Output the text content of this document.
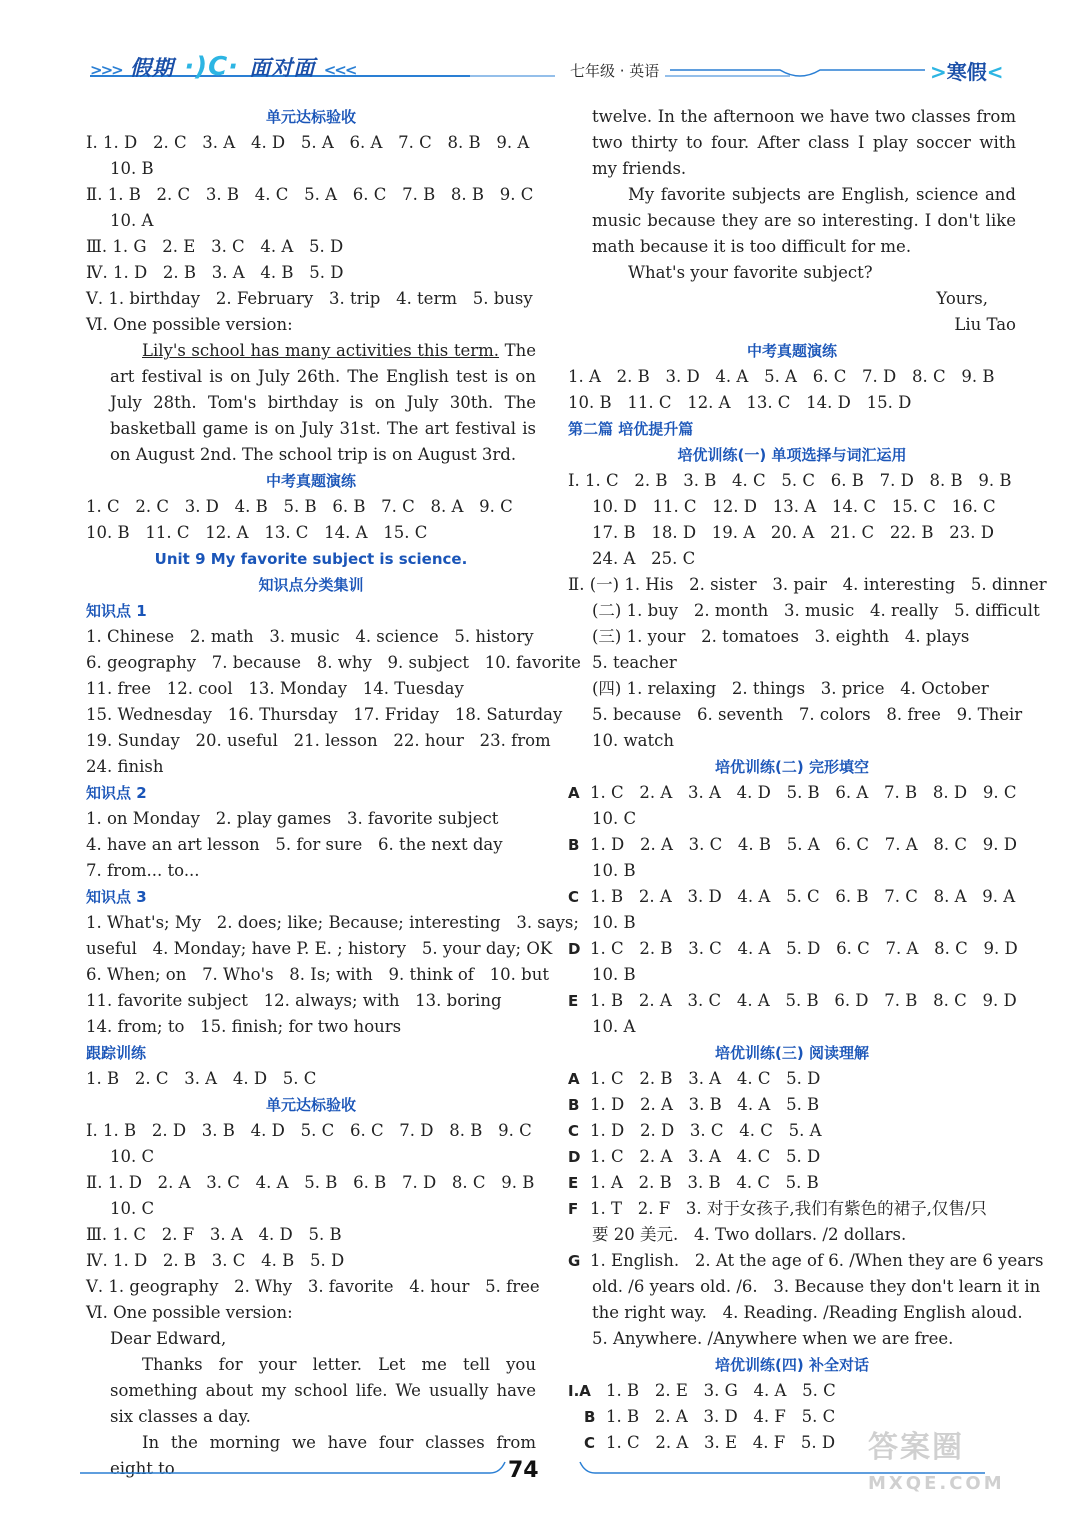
>>> 假期 ·)C· 面对面 <<<	七年级 · 英语	>寒假<
单元达标验收
Ⅰ. 1. D   2. C   3. A   4. D   5. A   6. A   7. C   8. B   9. A
10. B
Ⅱ. 1. B   2. C   3. B   4. C   5. A   6. C   7. B   8. B   9. C
10. A
Ⅲ. 1. G   2. E   3. C   4. A   5. D
Ⅳ. 1. D   2. B   3. A   4. B   5. D
Ⅴ. 1. birthday   2. February   3. trip   4. term   5. busy
Ⅵ. One possible version:
Lily's school has many activities this term. The art festival is on July 26th. The English test is on July 28th. Tom's birthday is on July 30th. The basketball game is on July 31st. The art festival is on August 2nd. The school trip is on August 3rd.
中考真题演练
1. C   2. C   3. D   4. B   5. B   6. B   7. C   8. A   9. C
10. B   11. C   12. A   13. C   14. A   15. C
Unit 9 My favorite subject is science.
知识点分类集训
知识点 1
1. Chinese   2. math   3. music   4. science   5. history
6. geography   7. because   8. why   9. subject   10. favorite
11. free   12. cool   13. Monday   14. Tuesday
15. Wednesday   16. Thursday   17. Friday   18. Saturday
19. Sunday   20. useful   21. lesson   22. hour   23. from
24. finish
知识点 2
1. on Monday   2. play games   3. favorite subject
4. have an art lesson   5. for sure   6. the next day
7. from... to...
知识点 3
1. What's; My   2. does; like; Because; interesting   3. says;
useful   4. Monday; have P. E. ; history   5. your day; OK
6. When; on   7. Who's   8. Is; with   9. think of   10. but
11. favorite subject   12. always; with   13. boring
14. from; to   15. finish; for two hours
跟踪训练
1. B   2. C   3. A   4. D   5. C
单元达标验收
Ⅰ. 1. B   2. D   3. B   4. D   5. C   6. C   7. D   8. B   9. C
10. C
Ⅱ. 1. D   2. A   3. C   4. A   5. B   6. B   7. D   8. C   9. B
10. C
Ⅲ. 1. C   2. F   3. A   4. D   5. B
Ⅳ. 1. D   2. B   3. C   4. B   5. D
Ⅴ. 1. geography   2. Why   3. favorite   4. hour   5. free
Ⅵ. One possible version:
Dear Edward,
Thanks for your letter. Let me tell you something about my school life. We usually have six classes a day.
In the morning we have four classes from eight to
twelve. In the afternoon we have two classes from two thirty to four. After class I play soccer with my friends.
My favorite subjects are English, science and music because they are so interesting. I don't like math because it is too difficult for me.
What's your favorite subject?
Yours,
Liu Tao
中考真题演练
1. A   2. B   3. D   4. A   5. A   6. C   7. D   8. C   9. B
10. B   11. C   12. A   13. C   14. D   15. D
第二篇 培优提升篇
培优训练(一) 单项选择与词汇运用
Ⅰ. 1. C   2. B   3. B   4. C   5. C   6. B   7. D   8. B   9. B
10. D   11. C   12. D   13. A   14. C   15. C   16. C
17. B   18. D   19. A   20. A   21. C   22. B   23. D
24. A   25. C
Ⅱ. (一) 1. His   2. sister   3. pair   4. interesting   5. dinner
(二) 1. buy   2. month   3. music   4. really   5. difficult
(三) 1. your   2. tomatoes   3. eighth   4. plays
5. teacher
(四) 1. relaxing   2. things   3. price   4. October
5. because   6. seventh   7. colors   8. free   9. Their
10. watch
培优训练(二) 完形填空
A 1. C   2. A   3. A   4. D   5. B   6. A   7. B   8. D   9. C
10. C
B 1. D   2. A   3. C   4. B   5. A   6. C   7. A   8. C   9. D
10. B
C 1. B   2. A   3. D   4. A   5. C   6. B   7. C   8. A   9. A
10. B
D 1. C   2. B   3. C   4. A   5. D   6. C   7. A   8. C   9. D
10. B
E 1. B   2. A   3. C   4. A   5. B   6. D   7. B   8. C   9. D
10. A
培优训练(三) 阅读理解
A 1. C   2. B   3. A   4. C   5. D
B 1. D   2. A   3. B   4. A   5. B
C 1. D   2. D   3. C   4. C   5. A
D 1. C   2. A   3. A   4. C   5. D
E 1. A   2. B   3. B   4. C   5. B
F 1. T   2. F   3. 对于女孩子,我们有紫色的裙子,仅售/只
要 20 美元.   4. Two dollars. /2 dollars.
G 1. English.   2. At the age of 6. /When they are 6 years
old. /6 years old. /6.   3. Because they don't learn it in
the right way.   4. Reading. /Reading English aloud.
5. Anywhere. /Anywhere when we are free.
培优训练(四) 补全对话
Ⅰ.A 1. B   2. E   3. G   4. A   5. C
B 1. B   2. A   3. D   4. F   5. C
C 1. C   2. A   3. E   4. F   5. D
74
答案圈
MXQE.COM
